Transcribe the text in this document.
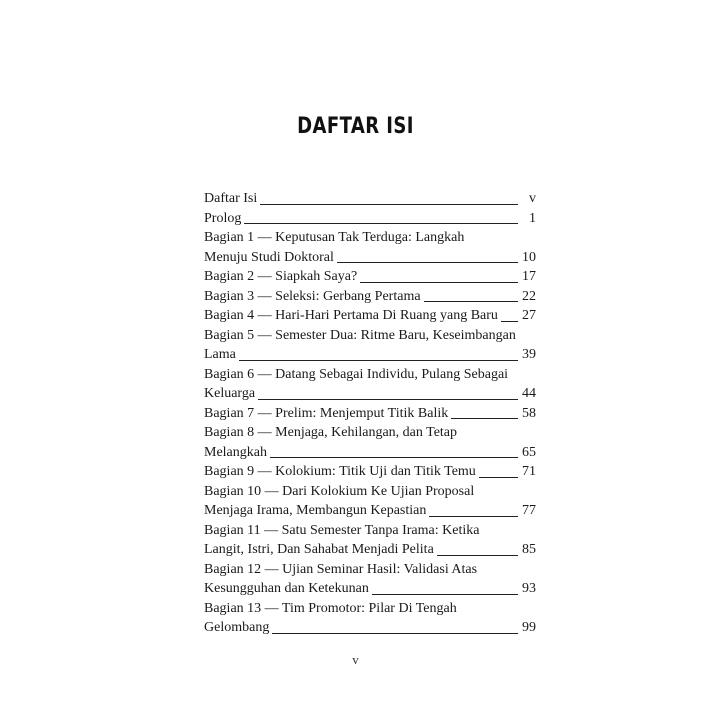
DAFTAR ISI
Daftar Isi	v
Prolog	1
Bagian 1 — Keputusan Tak Terduga: Langkah
Menuju Studi Doktoral	10
Bagian 2 — Siapkah Saya?	17
Bagian 3 — Seleksi: Gerbang Pertama	22
Bagian 4 — Hari-Hari Pertama Di Ruang yang Baru 27
Bagian 5 — Semester Dua: Ritme Baru, Keseimbangan
Lama	39
Bagian 6 — Datang Sebagai Individu, Pulang Sebagai
Keluarga	44
Bagian 7 — Prelim: Menjemput Titik Balik	58
Bagian 8 — Menjaga, Kehilangan, dan Tetap
Melangkah	65
Bagian 9 — Kolokium: Titik Uji dan Titik Temu	71
Bagian 10 — Dari Kolokium Ke Ujian Proposal
Menjaga Irama, Membangun Kepastian	77
Bagian 11 — Satu Semester Tanpa Irama: Ketika
Langit, Istri, Dan Sahabat Menjadi Pelita	85
Bagian 12 — Ujian Seminar Hasil: Validasi Atas
Kesungguhan dan Ketekunan	93
Bagian 13 — Tim Promotor: Pilar Di Tengah
Gelombang	99
v
